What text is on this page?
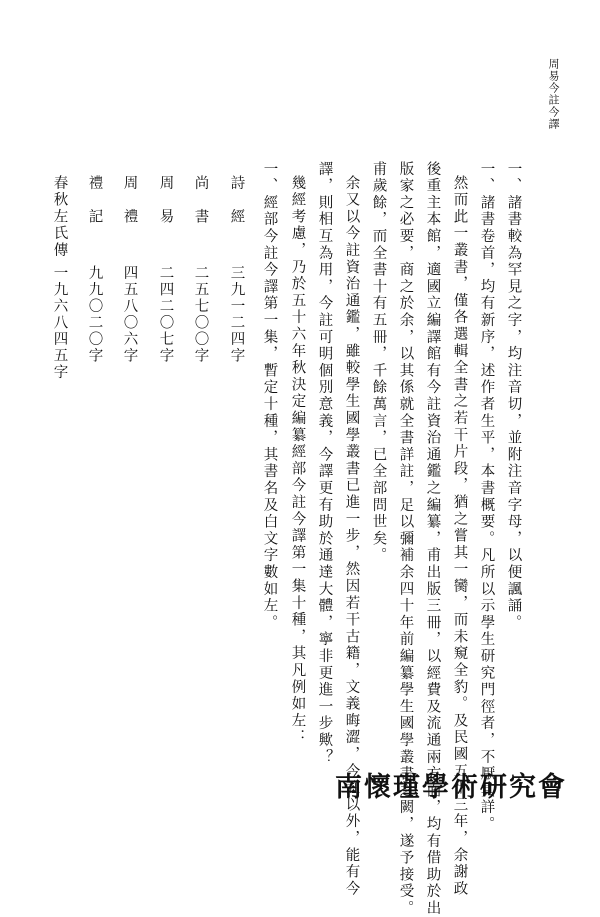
周易今註今譯
一、諸書較為罕見之字，均注音切，並附注音字母，以便諷誦。
一、諸書卷首，均有新序，述作者生平，本書概要。凡所以示學生研究門徑者，不厭其詳。
然而此一叢書，僅各選輯全書之若干片段，猶之嘗其一臠，而未窺全豹。及民國五十三年，余謝政
後重主本館，適國立編譯館有今註資治通鑑之編纂，甫出版三冊，以經費及流通兩方面，均有借助於出
版家之必要，商之於余，以其係就全書詳註，足以彌補余四十年前編纂學生國學叢書之闕，遂予接受。
甫歲餘，而全書十有五冊，千餘萬言，已全部問世矣。
余又以今註資治通鑑，雖較學生國學叢書已進一步，然因若干古籍，文義晦澀，今註以外，能有今
譯，則相互為用，今註可明個別意義，今譯更有助於通達大體，寧非更進一步歟？
幾經考慮，乃於五十六年秋決定編纂經部今註今譯第一集十種，其凡例如左：
一、經部今註今譯第一集，暫定十種，其書名及白文字數如左。
詩　經
三九一二四字
尚　書
二五七〇〇字
周　易
二四二〇七字
周　禮
四五八〇六字
禮　記
九九〇二〇字
春秋左氏傳
一九六八四五字
南懷瑾學術研究會
